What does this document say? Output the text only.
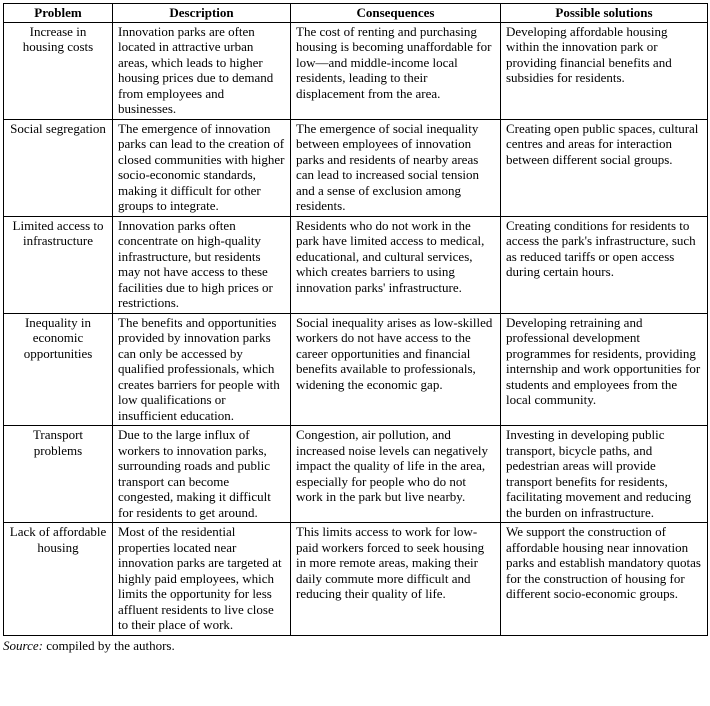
Problem	Description	Consequences	Possible solutions
Increase in housing costs	Innovation parks are often located in attractive urban areas, which leads to higher housing prices due to demand from employees and businesses.	The cost of renting and purchasing housing is becoming unaffordable for low—and middle-income local residents, leading to their displacement from the area.	Developing affordable housing within the innovation park or providing financial benefits and subsidies for residents.
Social segregation	The emergence of innovation parks can lead to the creation of closed communities with higher socio-economic standards, making it difficult for other groups to integrate.	The emergence of social inequality between employees of innovation parks and residents of nearby areas can lead to increased social tension and a sense of exclusion among residents.	Creating open public spaces, cultural centres and areas for interaction between different social groups.
Limited access to infrastructure	Innovation parks often concentrate on high-quality infrastructure, but residents may not have access to these facilities due to high prices or restrictions.	Residents who do not work in the park have limited access to medical, educational, and cultural services, which creates barriers to using innovation parks' infrastructure.	Creating conditions for residents to access the park's infrastructure, such as reduced tariffs or open access during certain hours.
Inequality in economic opportunities	The benefits and opportunities provided by innovation parks can only be accessed by qualified professionals, which creates barriers for people with low qualifications or insufficient education.	Social inequality arises as low-skilled workers do not have access to the career opportunities and financial benefits available to professionals, widening the economic gap.	Developing retraining and professional development programmes for residents, providing internship and work opportunities for students and employees from the local community.
Transport problems	Due to the large influx of workers to innovation parks, surrounding roads and public transport can become congested, making it difficult for residents to get around.	Congestion, air pollution, and increased noise levels can negatively impact the quality of life in the area, especially for people who do not work in the park but live nearby.	Investing in developing public transport, bicycle paths, and pedestrian areas will provide transport benefits for residents, facilitating movement and reducing the burden on infrastructure.
Lack of affordable housing	Most of the residential properties located near innovation parks are targeted at highly paid employees, which limits the opportunity for less affluent residents to live close to their place of work.	This limits access to work for low-paid workers forced to seek housing in more remote areas, making their daily commute more difficult and reducing their quality of life.	We support the construction of affordable housing near innovation parks and establish mandatory quotas for the construction of housing for different socio-economic groups.
Source: compiled by the authors.
